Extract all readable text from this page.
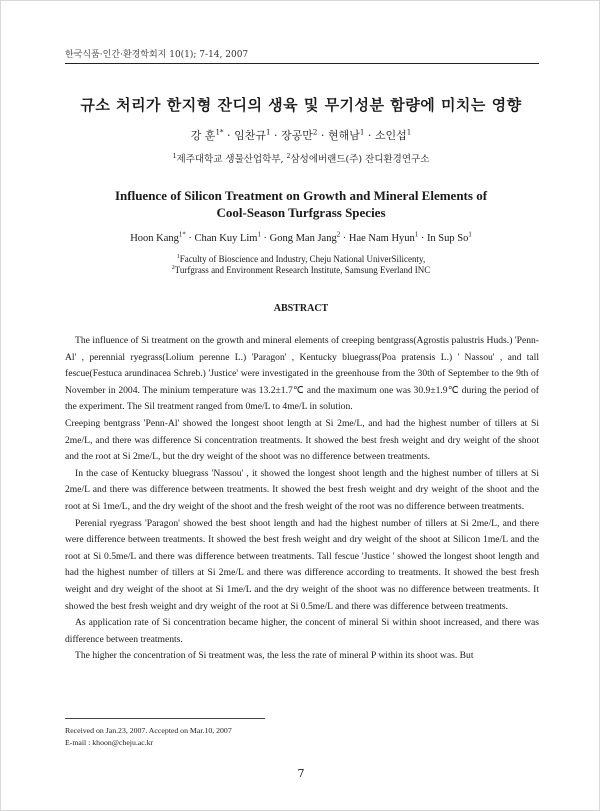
한국식품·인간·환경학회지 10(1); 7-14, 2007
규소 처리가 한지형 잔디의 생육 및 무기성분 함량에 미치는 영향
강 훈$^{1*}$ · 임찬규$^1$ · 장공만$^2$ · 현해남$^1$ · 소인섭$^1$
$^1$제주대학교 생물산업학부, $^2$삼성에버랜드(주) 잔디환경연구소
Influence of Silicon Treatment on Growth and Mineral Elements of
Cool-Season Turfgrass Species
Hoon Kang$^{1*}$ · Chan Kuy Lim$^1$ · Gong Man Jang$^2$ · Hae Nam Hyun$^1$ · In Sup So$^1$
$^1$Faculty of Bioscience and Industry, Cheju National UniverSilicenty,
$^2$Turfgrass and Environment Research Institute, Samsung Everland INC
ABSTRACT

The influence of Si treatment on the growth and mineral elements of creeping bentgrass(Agrostis palustris Huds.) 'Penn-Al' , perennial ryegrass(Lolium perenne L.) 'Paragon' , Kentucky bluegrass(Poa pratensis L.) ' Nassou' , and tall fescue(Festuca arundinacea Schreb.) 'Justice' were investigated in the greenhouse from the 30th of September to the 9th of November in 2004. The minium temperature was 13.2±1.7℃ and the maximum one was 30.9±1.9℃ during the period of the experiment. The Sil treatment ranged from 0me/L to 4me/L in solution.

Creeping bentgrass 'Penn-Al' showed the longest shoot length at Si 2me/L, and had the highest number of tillers at Si 2me/L, and there was difference Si concentration treatments. It showed the best fresh weight and dry weight of the shoot and the root at Si 2me/L, but the dry weight of the shoot was no difference between treatments.

In the case of Kentucky bluegrass 'Nassou' , it showed the longest shoot length and the highest number of tillers at Si 2me/L and there was difference between treatments. It showed the best fresh weight and dry weight of the shoot and the root at Si 1me/L, and the dry weight of the shoot and the fresh weight of the root was no difference between treatments.

Perenial ryegrass 'Paragon' showed the best shoot length and had the highest number of tillers at Si 2me/L, and there were difference between treatments. It showed the best fresh weight and dry weight of the shoot at Silicon 1me/L and the root at Si 0.5me/L and there was difference between treatments. Tall fescue 'Justice ' showed the longest shoot length and had the highest number of tillers at Si 2me/L and there was difference according to treatments. It showed the best fresh weight and dry weight of the shoot at Si 1me/L and the dry weight of the shoot was no difference between treatments. It showed the best fresh weight and dry weight of the root at Si 0.5me/L and there was difference between treatments.

As application rate of Si concentration became higher, the concent of mineral Si within shoot increased, and there was difference between treatments.

The higher the concentration of Si treatment was, the less the rate of mineral P within its shoot was. But

Received on Jan.23, 2007. Accepted on Mar.10, 2007
E-mail : khoon@cheju.ac.kr
7
